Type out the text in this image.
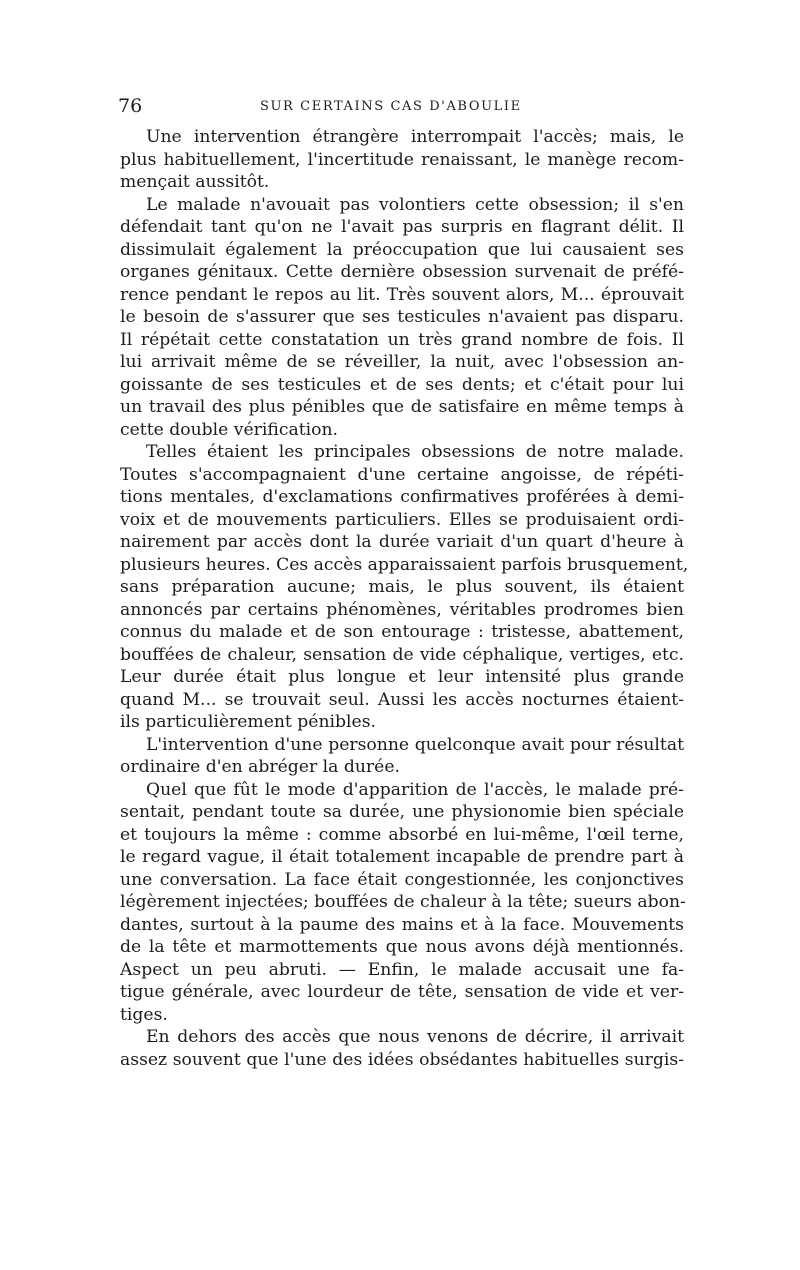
76	SUR CERTAINS CAS D'ABOULIE
Une intervention étrangère interrompait l'accès; mais, le
plus habituellement, l'incertitude renaissant, le manège recom-
mençait aussitôt.
Le malade n'avouait pas volontiers cette obsession; il s'en
défendait tant qu'on ne l'avait pas surpris en flagrant délit. Il
dissimulait également la préoccupation que lui causaient ses
organes génitaux. Cette dernière obsession survenait de préfé-
rence pendant le repos au lit. Très souvent alors, M... éprouvait
le besoin de s'assurer que ses testicules n'avaient pas disparu.
Il répétait cette constatation un très grand nombre de fois. Il
lui arrivait même de se réveiller, la nuit, avec l'obsession an-
goissante de ses testicules et de ses dents; et c'était pour lui
un travail des plus pénibles que de satisfaire en même temps à
cette double vérification.
Telles étaient les principales obsessions de notre malade.
Toutes s'accompagnaient d'une certaine angoisse, de répéti-
tions mentales, d'exclamations confirmatives proférées à demi-
voix et de mouvements particuliers. Elles se produisaient ordi-
nairement par accès dont la durée variait d'un quart d'heure à
plusieurs heures. Ces accès apparaissaient parfois brusquement,
sans préparation aucune; mais, le plus souvent, ils étaient
annoncés par certains phénomènes, véritables prodromes bien
connus du malade et de son entourage : tristesse, abattement,
bouffées de chaleur, sensation de vide céphalique, vertiges, etc.
Leur durée était plus longue et leur intensité plus grande
quand M... se trouvait seul. Aussi les accès nocturnes étaient-
ils particulièrement pénibles.
L'intervention d'une personne quelconque avait pour résultat
ordinaire d'en abréger la durée.
Quel que fût le mode d'apparition de l'accès, le malade pré-
sentait, pendant toute sa durée, une physionomie bien spéciale
et toujours la même : comme absorbé en lui-même, l'œil terne,
le regard vague, il était totalement incapable de prendre part à
une conversation. La face était congestionnée, les conjonctives
légèrement injectées; bouffées de chaleur à la tête; sueurs abon-
dantes, surtout à la paume des mains et à la face. Mouvements
de la tête et marmottements que nous avons déjà mentionnés.
Aspect un peu abruti. — Enfin, le malade accusait une fa-
tigue générale, avec lourdeur de tête, sensation de vide et ver-
tiges.
En dehors des accès que nous venons de décrire, il arrivait
assez souvent que l'une des idées obsédantes habituelles surgis-
